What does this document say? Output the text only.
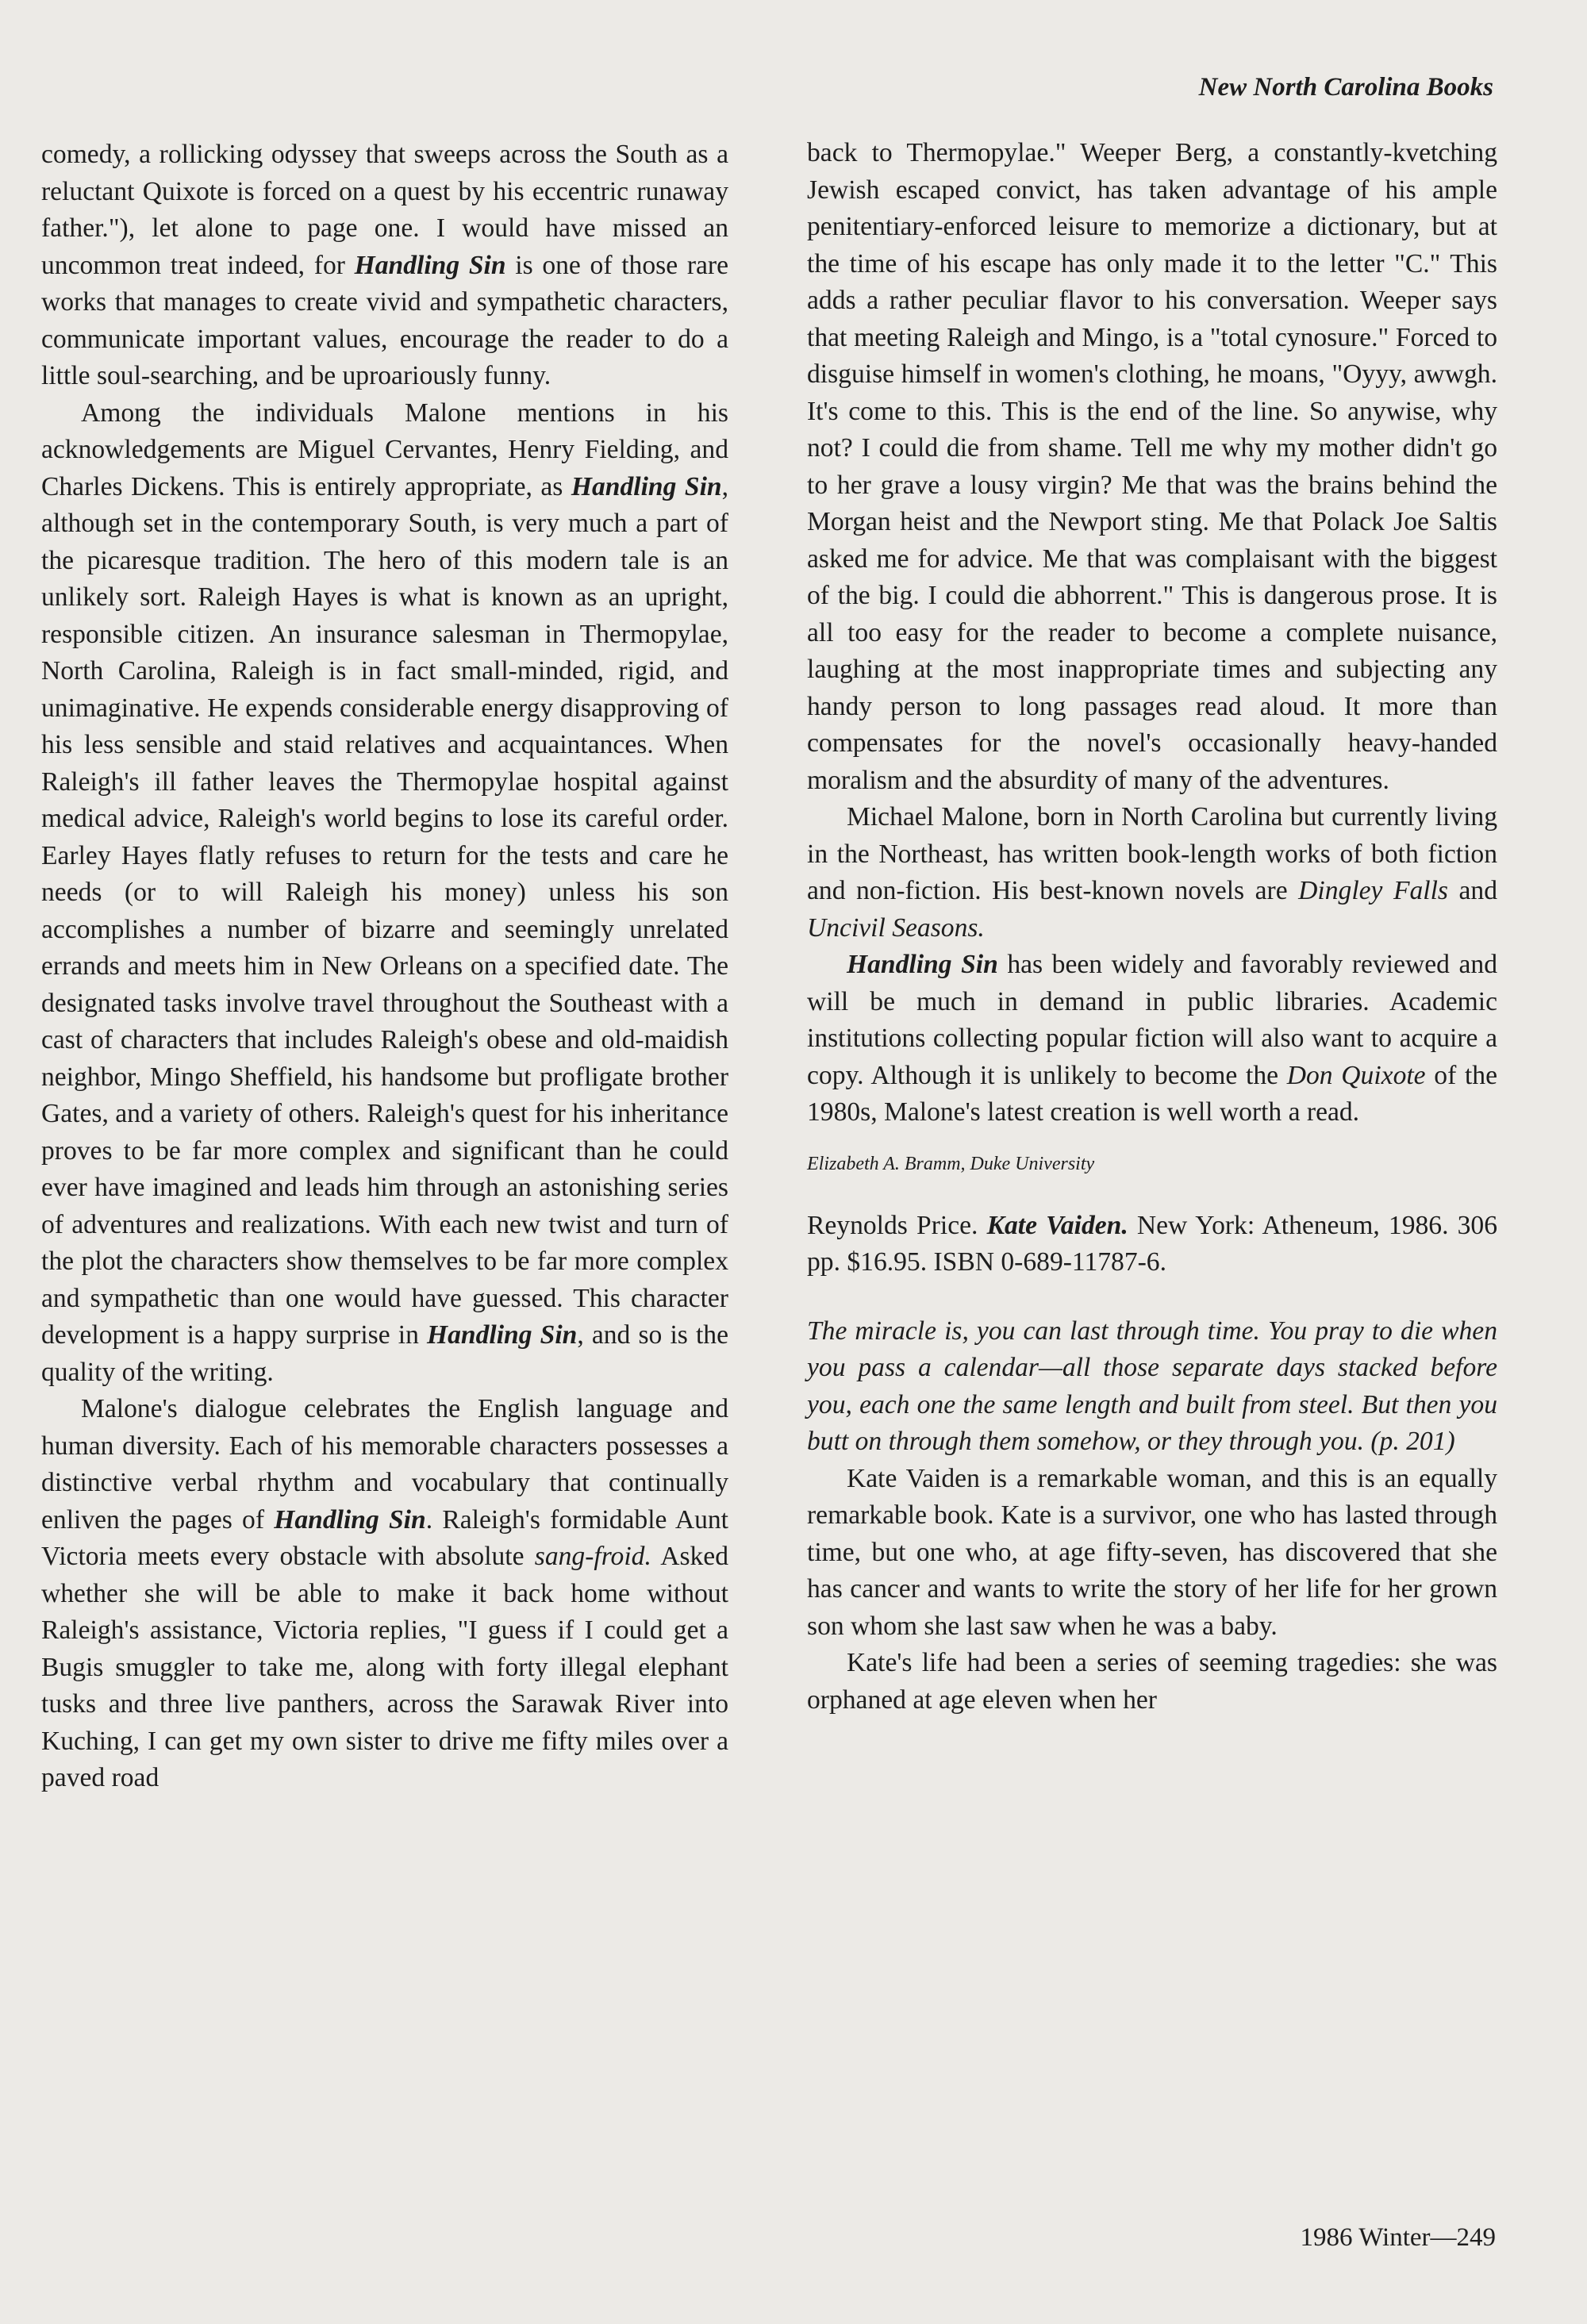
New North Carolina Books

comedy, a rollicking odyssey that sweeps across the South as a reluctant Quixote is forced on a quest by his eccentric runaway father."), let alone to page one. I would have missed an uncommon treat indeed, for Handling Sin is one of those rare works that manages to create vivid and sympathetic characters, communicate important values, encourage the reader to do a little soul-searching, and be uproariously funny.

Among the individuals Malone mentions in his acknowledgements are Miguel Cervantes, Henry Fielding, and Charles Dickens. This is entirely appropriate, as Handling Sin, although set in the contemporary South, is very much a part of the picaresque tradition. The hero of this modern tale is an unlikely sort. Raleigh Hayes is what is known as an upright, responsible citizen. An insurance salesman in Thermopylae, North Carolina, Raleigh is in fact small-minded, rigid, and unimaginative. He expends considerable energy disapproving of his less sensible and staid relatives and acquaintances. When Raleigh's ill father leaves the Thermopylae hospital against medical advice, Raleigh's world begins to lose its careful order. Earley Hayes flatly refuses to return for the tests and care he needs (or to will Raleigh his money) unless his son accomplishes a number of bizarre and seemingly unrelated errands and meets him in New Orleans on a specified date. The designated tasks involve travel throughout the Southeast with a cast of characters that includes Raleigh's obese and old-maidish neighbor, Mingo Sheffield, his handsome but profligate brother Gates, and a variety of others. Raleigh's quest for his inheritance proves to be far more complex and significant than he could ever have imagined and leads him through an astonishing series of adventures and realizations. With each new twist and turn of the plot the characters show themselves to be far more complex and sympathetic than one would have guessed. This character development is a happy surprise in Handling Sin, and so is the quality of the writing.

Malone's dialogue celebrates the English language and human diversity. Each of his memorable characters possesses a distinctive verbal rhythm and vocabulary that continually enliven the pages of Handling Sin. Raleigh's formidable Aunt Victoria meets every obstacle with absolute sang-froid. Asked whether she will be able to make it back home without Raleigh's assistance, Victoria replies, "I guess if I could get a Bugis smuggler to take me, along with forty illegal elephant tusks and three live panthers, across the Sarawak River into Kuching, I can get my own sister to drive me fifty miles over a paved road

back to Thermopylae." Weeper Berg, a constantly-kvetching Jewish escaped convict, has taken advantage of his ample penitentiary-enforced leisure to memorize a dictionary, but at the time of his escape has only made it to the letter "C." This adds a rather peculiar flavor to his conversation. Weeper says that meeting Raleigh and Mingo, is a "total cynosure." Forced to disguise himself in women's clothing, he moans, "Oyyy, awwgh. It's come to this. This is the end of the line. So anywise, why not? I could die from shame. Tell me why my mother didn't go to her grave a lousy virgin? Me that was the brains behind the Morgan heist and the Newport sting. Me that Polack Joe Saltis asked me for advice. Me that was complaisant with the biggest of the big. I could die abhorrent." This is dangerous prose. It is all too easy for the reader to become a complete nuisance, laughing at the most inappropriate times and subjecting any handy person to long passages read aloud. It more than compensates for the novel's occasionally heavy-handed moralism and the absurdity of many of the adventures.

Michael Malone, born in North Carolina but currently living in the Northeast, has written book-length works of both fiction and non-fiction. His best-known novels are Dingley Falls and Uncivil Seasons.

Handling Sin has been widely and favorably reviewed and will be much in demand in public libraries. Academic institutions collecting popular fiction will also want to acquire a copy. Although it is unlikely to become the Don Quixote of the 1980s, Malone's latest creation is well worth a read.

Elizabeth A. Bramm, Duke University

Reynolds Price. Kate Vaiden. New York: Atheneum, 1986. 306 pp. $16.95. ISBN 0-689-11787-6.

The miracle is, you can last through time. You pray to die when you pass a calendar—all those separate days stacked before you, each one the same length and built from steel. But then you butt on through them somehow, or they through you. (p. 201)

Kate Vaiden is a remarkable woman, and this is an equally remarkable book. Kate is a survivor, one who has lasted through time, but one who, at age fifty-seven, has discovered that she has cancer and wants to write the story of her life for her grown son whom she last saw when he was a baby.

Kate's life had been a series of seeming tragedies: she was orphaned at age eleven when her

1986 Winter—249
